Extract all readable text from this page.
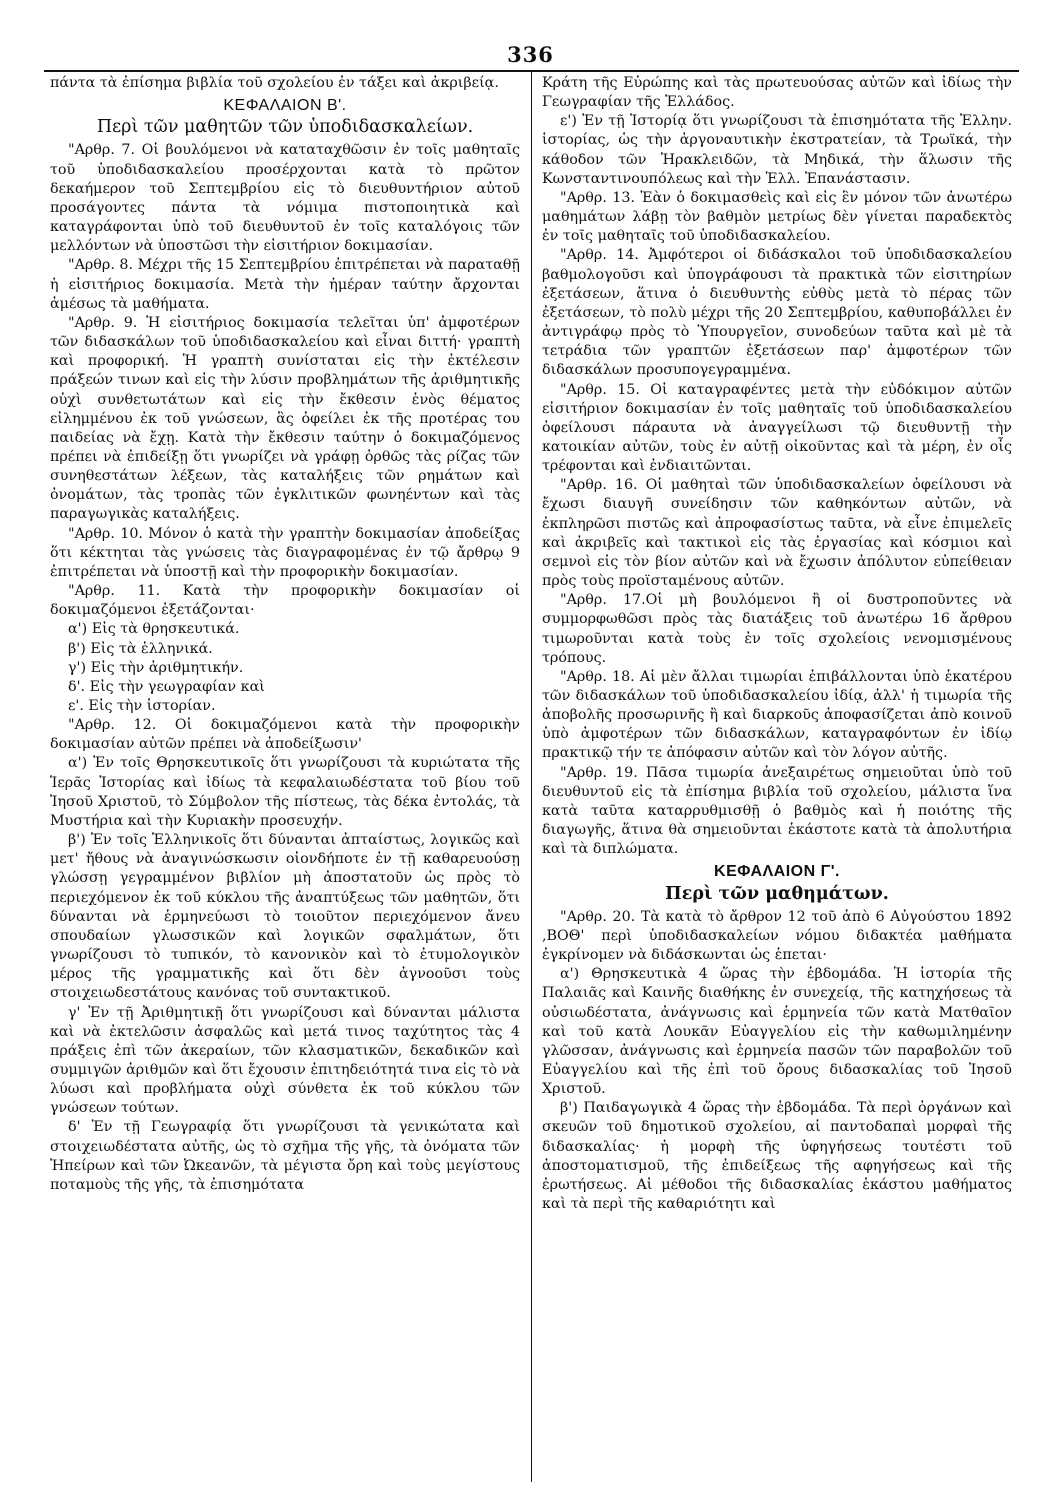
336

πάντα τὰ ἐπίσημα βιβλία τοῦ σχολείου ἐν τάξει καὶ ἀκριβείᾳ.

ΚΕΦΑΛΑΙΟΝ Β'.

Περὶ τῶν μαθητῶν τῶν ὑποδιδασκαλείων.

"Αρθρ. 7. Οἱ βουλόμενοι νὰ καταταχθῶσιν ἐν τοῖς μαθηταῖς τοῦ ὑποδιδασκαλείου προσέρχονται κατὰ τὸ πρῶτον δεκαήμερον τοῦ Σεπτεμβρίου εἰς τὸ διευθυντήριον αὐτοῦ προσάγοντες πάντα τὰ νόμιμα πιστοποιητικὰ καὶ καταγράφονται ὑπὸ τοῦ διευθυντοῦ ἐν τοῖς καταλόγοις τῶν μελλόντων νὰ ὑποστῶσι τὴν εἰσιτήριον δοκιμασίαν.

"Αρθρ. 8. Μέχρι τῆς 15 Σεπτεμβρίου ἐπιτρέπεται νὰ παραταθῇ ἡ εἰσιτήριος δοκιμασία. Μετὰ τὴν ἡμέραν ταύτην ἄρχονται ἀμέσως τὰ μαθήματα.

"Αρθρ. 9. Ἡ εἰσιτήριος δοκιμασία τελεῖται ὑπ' ἀμφοτέρων τῶν διδασκάλων τοῦ ὑποδιδασκαλείου καὶ εἶναι διττή· γραπτὴ καὶ προφορική. Ἡ γραπτὴ συνίσταται εἰς τὴν ἐκτέλεσιν πράξεών τινων καὶ εἰς τὴν λύσιν προβλημάτων τῆς ἀριθμητικῆς οὐχὶ συνθετωτάτων καὶ εἰς τὴν ἔκθεσιν ἑνὸς θέματος εἰλημμένου ἐκ τοῦ γνώσεων, ἃς ὀφείλει ἐκ τῆς προτέρας του παιδείας νὰ ἔχῃ. Κατὰ τὴν ἔκθεσιν ταύτην ὁ δοκιμαζόμενος πρέπει νὰ ἐπιδείξῃ ὅτι γνωρίζει νὰ γράφῃ ὀρθῶς τὰς ρίζας τῶν συνηθεστάτων λέξεων, τὰς καταλήξεις τῶν ρημάτων καὶ ὀνομάτων, τὰς τροπὰς τῶν ἐγκλιτικῶν φωνηέντων καὶ τὰς παραγωγικὰς καταλήξεις.

"Αρθρ. 10. Μόνον ὁ κατὰ τὴν γραπτὴν δοκιμασίαν ἀποδείξας ὅτι κέκτηται τὰς γνώσεις τὰς διαγραφομένας ἐν τῷ ἄρθρῳ 9 ἐπιτρέπεται νὰ ὑποστῇ καὶ τὴν προφορικὴν δοκιμασίαν.

"Αρθρ. 11. Κατὰ τὴν προφορικὴν δοκιμασίαν οἱ δοκιμαζόμενοι ἐξετάζονται·

α') Εἰς τὰ θρησκευτικά.

β') Εἰς τὰ ἑλληνικά.

γ') Εἰς τὴν ἀριθμητικήν.

δ'. Εἰς τὴν γεωγραφίαν καὶ

ε'. Εἰς τὴν ἱστορίαν.

"Αρθρ. 12. Οἱ δοκιμαζόμενοι κατὰ τὴν προφορικὴν δοκιμασίαν αὐτῶν πρέπει νὰ ἀποδείξωσιν'

α') Ἐν τοῖς Θρησκευτικοῖς ὅτι γνωρίζουσι τὰ κυριώτατα τῆς Ἱερᾶς Ἱστορίας καὶ ἰδίως τὰ κεφαλαιωδέστατα τοῦ βίου τοῦ Ἰησοῦ Χριστοῦ, τὸ Σύμβολον τῆς πίστεως, τὰς δέκα ἐντολάς, τὰ Μυστήρια καὶ τὴν Κυριακὴν προσευχήν.

β') Ἐν τοῖς Ἑλληνικοῖς ὅτι δύνανται ἀπταίστως, λογικῶς καὶ μετ' ἤθους νὰ ἀναγινώσκωσιν οἱονδήποτε ἐν τῇ καθαρευούσῃ γλώσσῃ γεγραμμένον βιβλίον μὴ ἀποστατοῦν ὡς πρὸς τὸ περιεχόμενον ἐκ τοῦ κύκλου τῆς ἀναπτύξεως τῶν μαθητῶν, ὅτι δύνανται νὰ ἑρμηνεύωσι τὸ τοιοῦτον περιεχόμενον ἄνευ σπουδαίων γλωσσικῶν καὶ λογικῶν σφαλμάτων, ὅτι γνωρίζουσι τὸ τυπικόν, τὸ κανονικὸν καὶ τὸ ἐτυμολογικὸν μέρος τῆς γραμματικῆς καὶ ὅτι δὲν ἀγνοοῦσι τοὺς στοιχειωδεστάτους κανόνας τοῦ συντακτικοῦ.

γ' Ἐν τῇ Ἀριθμητικῇ ὅτι γνωρίζουσι καὶ δύνανται μάλιστα καὶ νὰ ἐκτελῶσιν ἀσφαλῶς καὶ μετά τινος ταχύτητος τὰς 4 πράξεις ἐπὶ τῶν ἀκεραίων, τῶν κλασματικῶν, δεκαδικῶν καὶ συμμιγῶν ἀριθμῶν καὶ ὅτι ἔχουσιν ἐπιτηδειότητά τινα εἰς τὸ νὰ λύωσι καὶ προβλήματα οὐχὶ σύνθετα ἐκ τοῦ κύκλου τῶν γνώσεων τούτων.

δ' Ἐν τῇ Γεωγραφίᾳ ὅτι γνωρίζουσι τὰ γενικώτατα καὶ στοιχειωδέστατα αὐτῆς, ὡς τὸ σχῆμα τῆς γῆς, τὰ ὀνόματα τῶν Ἠπείρων καὶ τῶν Ὠκεανῶν, τὰ μέγιστα ὄρη καὶ τοὺς μεγίστους ποταμοὺς τῆς γῆς, τὰ ἐπισημότατα

Κράτη τῆς Εὐρώπης καὶ τὰς πρωτευούσας αὐτῶν καὶ ἰδίως τὴν Γεωγραφίαν τῆς Ἑλλάδος.

ε') Ἐν τῇ Ἱστορίᾳ ὅτι γνωρίζουσι τὰ ἐπισημότατα τῆς Ἑλλην. ἱστορίας, ὡς τὴν ἀργοναυτικὴν ἐκστρατείαν, τὰ Τρωϊκά, τὴν κάθοδον τῶν Ἡρακλειδῶν, τὰ Μηδικά, τὴν ἅλωσιν τῆς Κωνσταντινουπόλεως καὶ τὴν Ἑλλ. Ἐπανάστασιν.

"Αρθρ. 13. Ἐὰν ὁ δοκιμασθεὶς καὶ εἰς ἓν μόνον τῶν ἀνωτέρω μαθημάτων λάβῃ τὸν βαθμὸν μετρίως δὲν γίνεται παραδεκτὸς ἐν τοῖς μαθηταῖς τοῦ ὑποδιδασκαλείου.

"Αρθρ. 14. Ἀμφότεροι οἱ διδάσκαλοι τοῦ ὑποδιδασκαλείου βαθμολογοῦσι καὶ ὑπογράφουσι τὰ πρακτικὰ τῶν εἰσιτηρίων ἐξετάσεων, ἅτινα ὁ διευθυντὴς εὐθὺς μετὰ τὸ πέρας τῶν ἐξετάσεων, τὸ πολὺ μέχρι τῆς 20 Σεπτεμβρίου, καθυποβάλλει ἐν ἀντιγράφῳ πρὸς τὸ Ὑπουργεῖον, συνοδεύων ταῦτα καὶ μὲ τὰ τετράδια τῶν γραπτῶν ἐξετάσεων παρ' ἀμφοτέρων τῶν διδασκάλων προσυπογεγραμμένα.

"Αρθρ. 15. Οἱ καταγραφέντες μετὰ τὴν εὐδόκιμον αὐτῶν εἰσιτήριον δοκιμασίαν ἐν τοῖς μαθηταῖς τοῦ ὑποδιδασκαλείου ὀφείλουσι πάραυτα νὰ ἀναγγείλωσι τῷ διευθυντῇ τὴν κατοικίαν αὐτῶν, τοὺς ἐν αὐτῇ οἰκοῦντας καὶ τὰ μέρη, ἐν οἷς τρέφονται καὶ ἐνδιαιτῶνται.

"Αρθρ. 16. Οἱ μαθηταὶ τῶν ὑποδιδασκαλείων ὀφείλουσι νὰ ἔχωσι διαυγῆ συνείδησιν τῶν καθηκόντων αὐτῶν, νὰ ἐκπληρῶσι πιστῶς καὶ ἀπροφασίστως ταῦτα, νὰ εἶνε ἐπιμελεῖς καὶ ἀκριβεῖς καὶ τακτικοὶ εἰς τὰς ἐργασίας καὶ κόσμιοι καὶ σεμνοὶ εἰς τὸν βίον αὐτῶν καὶ νὰ ἔχωσιν ἀπόλυτον εὐπείθειαν πρὸς τοὺς προϊσταμένους αὐτῶν.

"Αρθρ. 17.Οἱ μὴ βουλόμενοι ἢ οἱ δυστροποῦντες νὰ συμμορφωθῶσι πρὸς τὰς διατάξεις τοῦ ἀνωτέρω 16 ἄρθρου τιμωροῦνται κατὰ τοὺς ἐν τοῖς σχολείοις νενομισμένους τρόπους.

"Αρθρ. 18. Αἱ μὲν ἄλλαι τιμωρίαι ἐπιβάλλονται ὑπὸ ἑκατέρου τῶν διδασκάλων τοῦ ὑποδιδασκαλείου ἰδίᾳ, ἀλλ' ἡ τιμωρία τῆς ἀποβολῆς προσωρινῆς ἢ καὶ διαρκοῦς ἀποφασίζεται ἀπὸ κοινοῦ ὑπὸ ἀμφοτέρων τῶν διδασκάλων, καταγραφόντων ἐν ἰδίῳ πρακτικῷ τήν τε ἀπόφασιν αὐτῶν καὶ τὸν λόγον αὐτῆς.

"Αρθρ. 19. Πᾶσα τιμωρία ἀνεξαιρέτως σημειοῦται ὑπὸ τοῦ διευθυντοῦ εἰς τὰ ἐπίσημα βιβλία τοῦ σχολείου, μάλιστα ἵνα κατὰ ταῦτα καταρρυθμισθῇ ὁ βαθμὸς καὶ ἡ ποιότης τῆς διαγωγῆς, ἅτινα θὰ σημειοῦνται ἑκάστοτε κατὰ τὰ ἀπολυτήρια καὶ τὰ διπλώματα.

ΚΕΦΑΛΑΙΟΝ Γ'.

Περὶ τῶν μαθημάτων.

"Αρθρ. 20. Τὰ κατὰ τὸ ἄρθρον 12 τοῦ ἀπὸ 6 Αὐγούστου 1892 ,ΒΟΘ' περὶ ὑποδιδασκαλείων νόμου διδακτέα μαθήματα ἐγκρίνομεν νὰ διδάσκωνται ὡς ἑπεται·

α') Θρησκευτικὰ 4 ὥρας τὴν ἑβδομάδα. Ἡ ἱστορία τῆς Παλαιᾶς καὶ Καινῆς διαθήκης ἐν συνεχείᾳ, τῆς κατηχήσεως τὰ οὐσιωδέστατα, ἀνάγνωσις καὶ ἑρμηνεία τῶν κατὰ Ματθαῖον καὶ τοῦ κατὰ Λουκᾶν Εὐαγγελίου εἰς τὴν καθωμιλημένην γλῶσσαν, ἀνάγνωσις καὶ ἑρμηνεία πασῶν τῶν παραβολῶν τοῦ Εὐαγγελίου καὶ τῆς ἐπὶ τοῦ ὄρους διδασκαλίας τοῦ Ἰησοῦ Χριστοῦ.

β') Παιδαγωγικὰ 4 ὥρας τὴν ἑβδομάδα. Τὰ περὶ ὀργάνων καὶ σκευῶν τοῦ δημοτικοῦ σχολείου, αἱ παντοδαπαὶ μορφαὶ τῆς διδασκαλίας· ἡ μορφὴ τῆς ὑφηγήσεως τουτέστι τοῦ ἀποστοματισμοῦ, τῆς ἐπιδείξεως τῆς αφηγήσεως καὶ τῆς ἐρωτήσεως. Αἱ μέθοδοι τῆς διδασκαλίας ἑκάστου μαθήματος καὶ τὰ περὶ τῆς καθαριότητι καὶ
